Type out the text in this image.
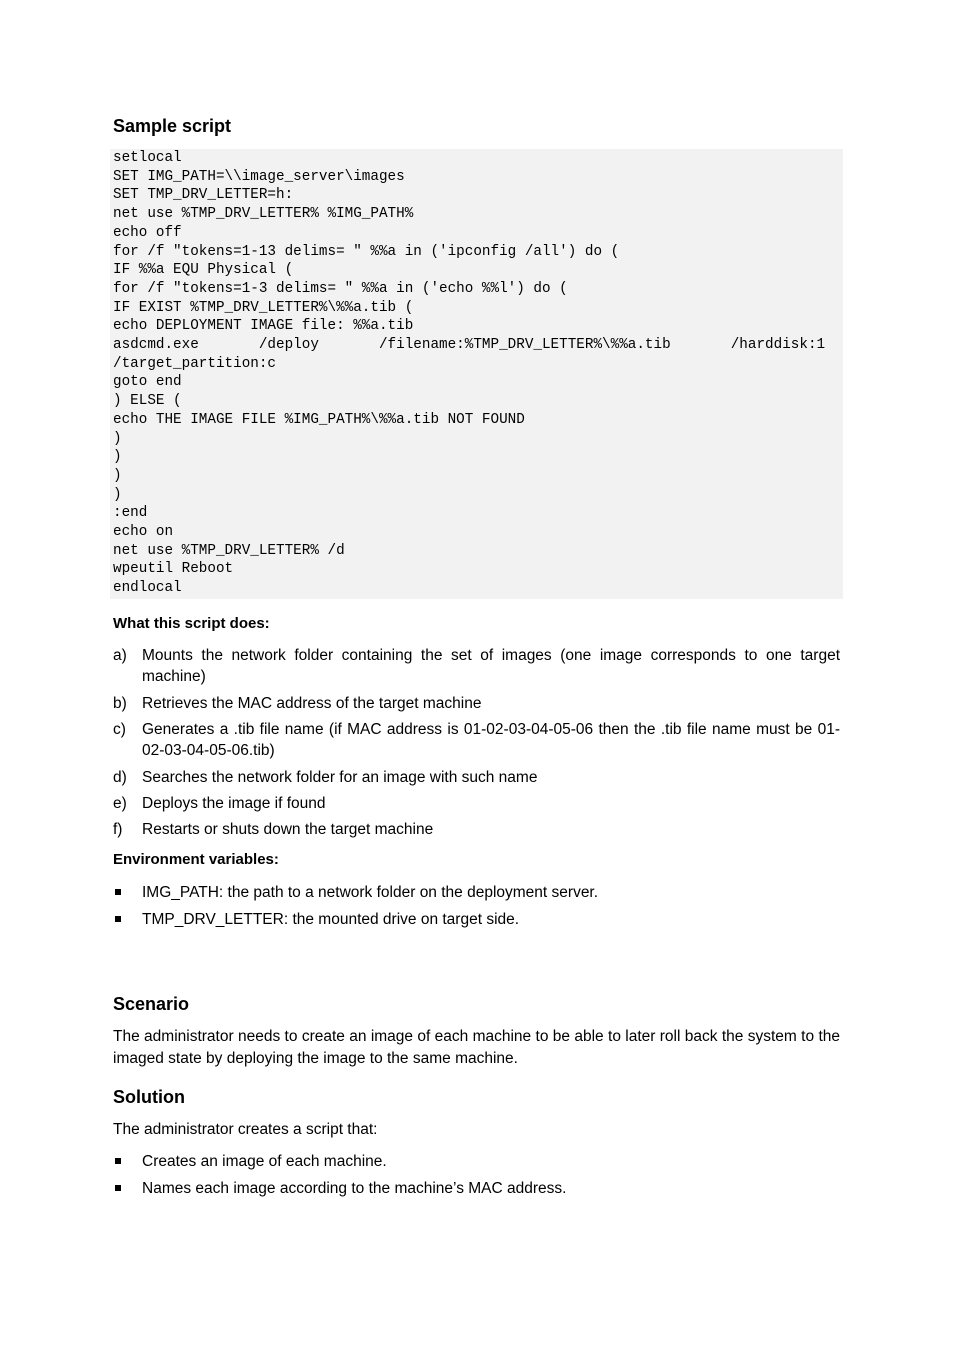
Sample script
setlocal
SET IMG_PATH=\\image_server\images
SET TMP_DRV_LETTER=h:
net use %TMP_DRV_LETTER% %IMG_PATH%
echo off
for /f "tokens=1-13 delims= " %%a in ('ipconfig /all') do (
IF %%a EQU Physical (
for /f "tokens=1-3 delims= " %%a in ('echo %%l') do (
IF EXIST %TMP_DRV_LETTER%\%%a.tib (
echo DEPLOYMENT IMAGE file: %%a.tib
asdcmd.exe       /deploy       /filename:%TMP_DRV_LETTER%\%%a.tib       /harddisk:1
/target_partition:c
goto end
) ELSE (
echo THE IMAGE FILE %IMG_PATH%\%%a.tib NOT FOUND
)
)
)
)
:end
echo on
net use %TMP_DRV_LETTER% /d
wpeutil Reboot
endlocal
What this script does:
a) Mounts the network folder containing the set of images (one image corresponds to one target machine)
b) Retrieves the MAC address of the target machine
c) Generates a .tib file name (if MAC address is 01-02-03-04-05-06 then the .tib file name must be 01-02-03-04-05-06.tib)
d) Searches the network folder for an image with such name
e) Deploys the image if found
f) Restarts or shuts down the target machine
Environment variables:
IMG_PATH: the path to a network folder on the deployment server.
TMP_DRV_LETTER: the mounted drive on target side.
Scenario
The administrator needs to create an image of each machine to be able to later roll back the system to the imaged state by deploying the image to the same machine.
Solution
The administrator creates a script that:
Creates an image of each machine.
Names each image according to the machine’s MAC address.
